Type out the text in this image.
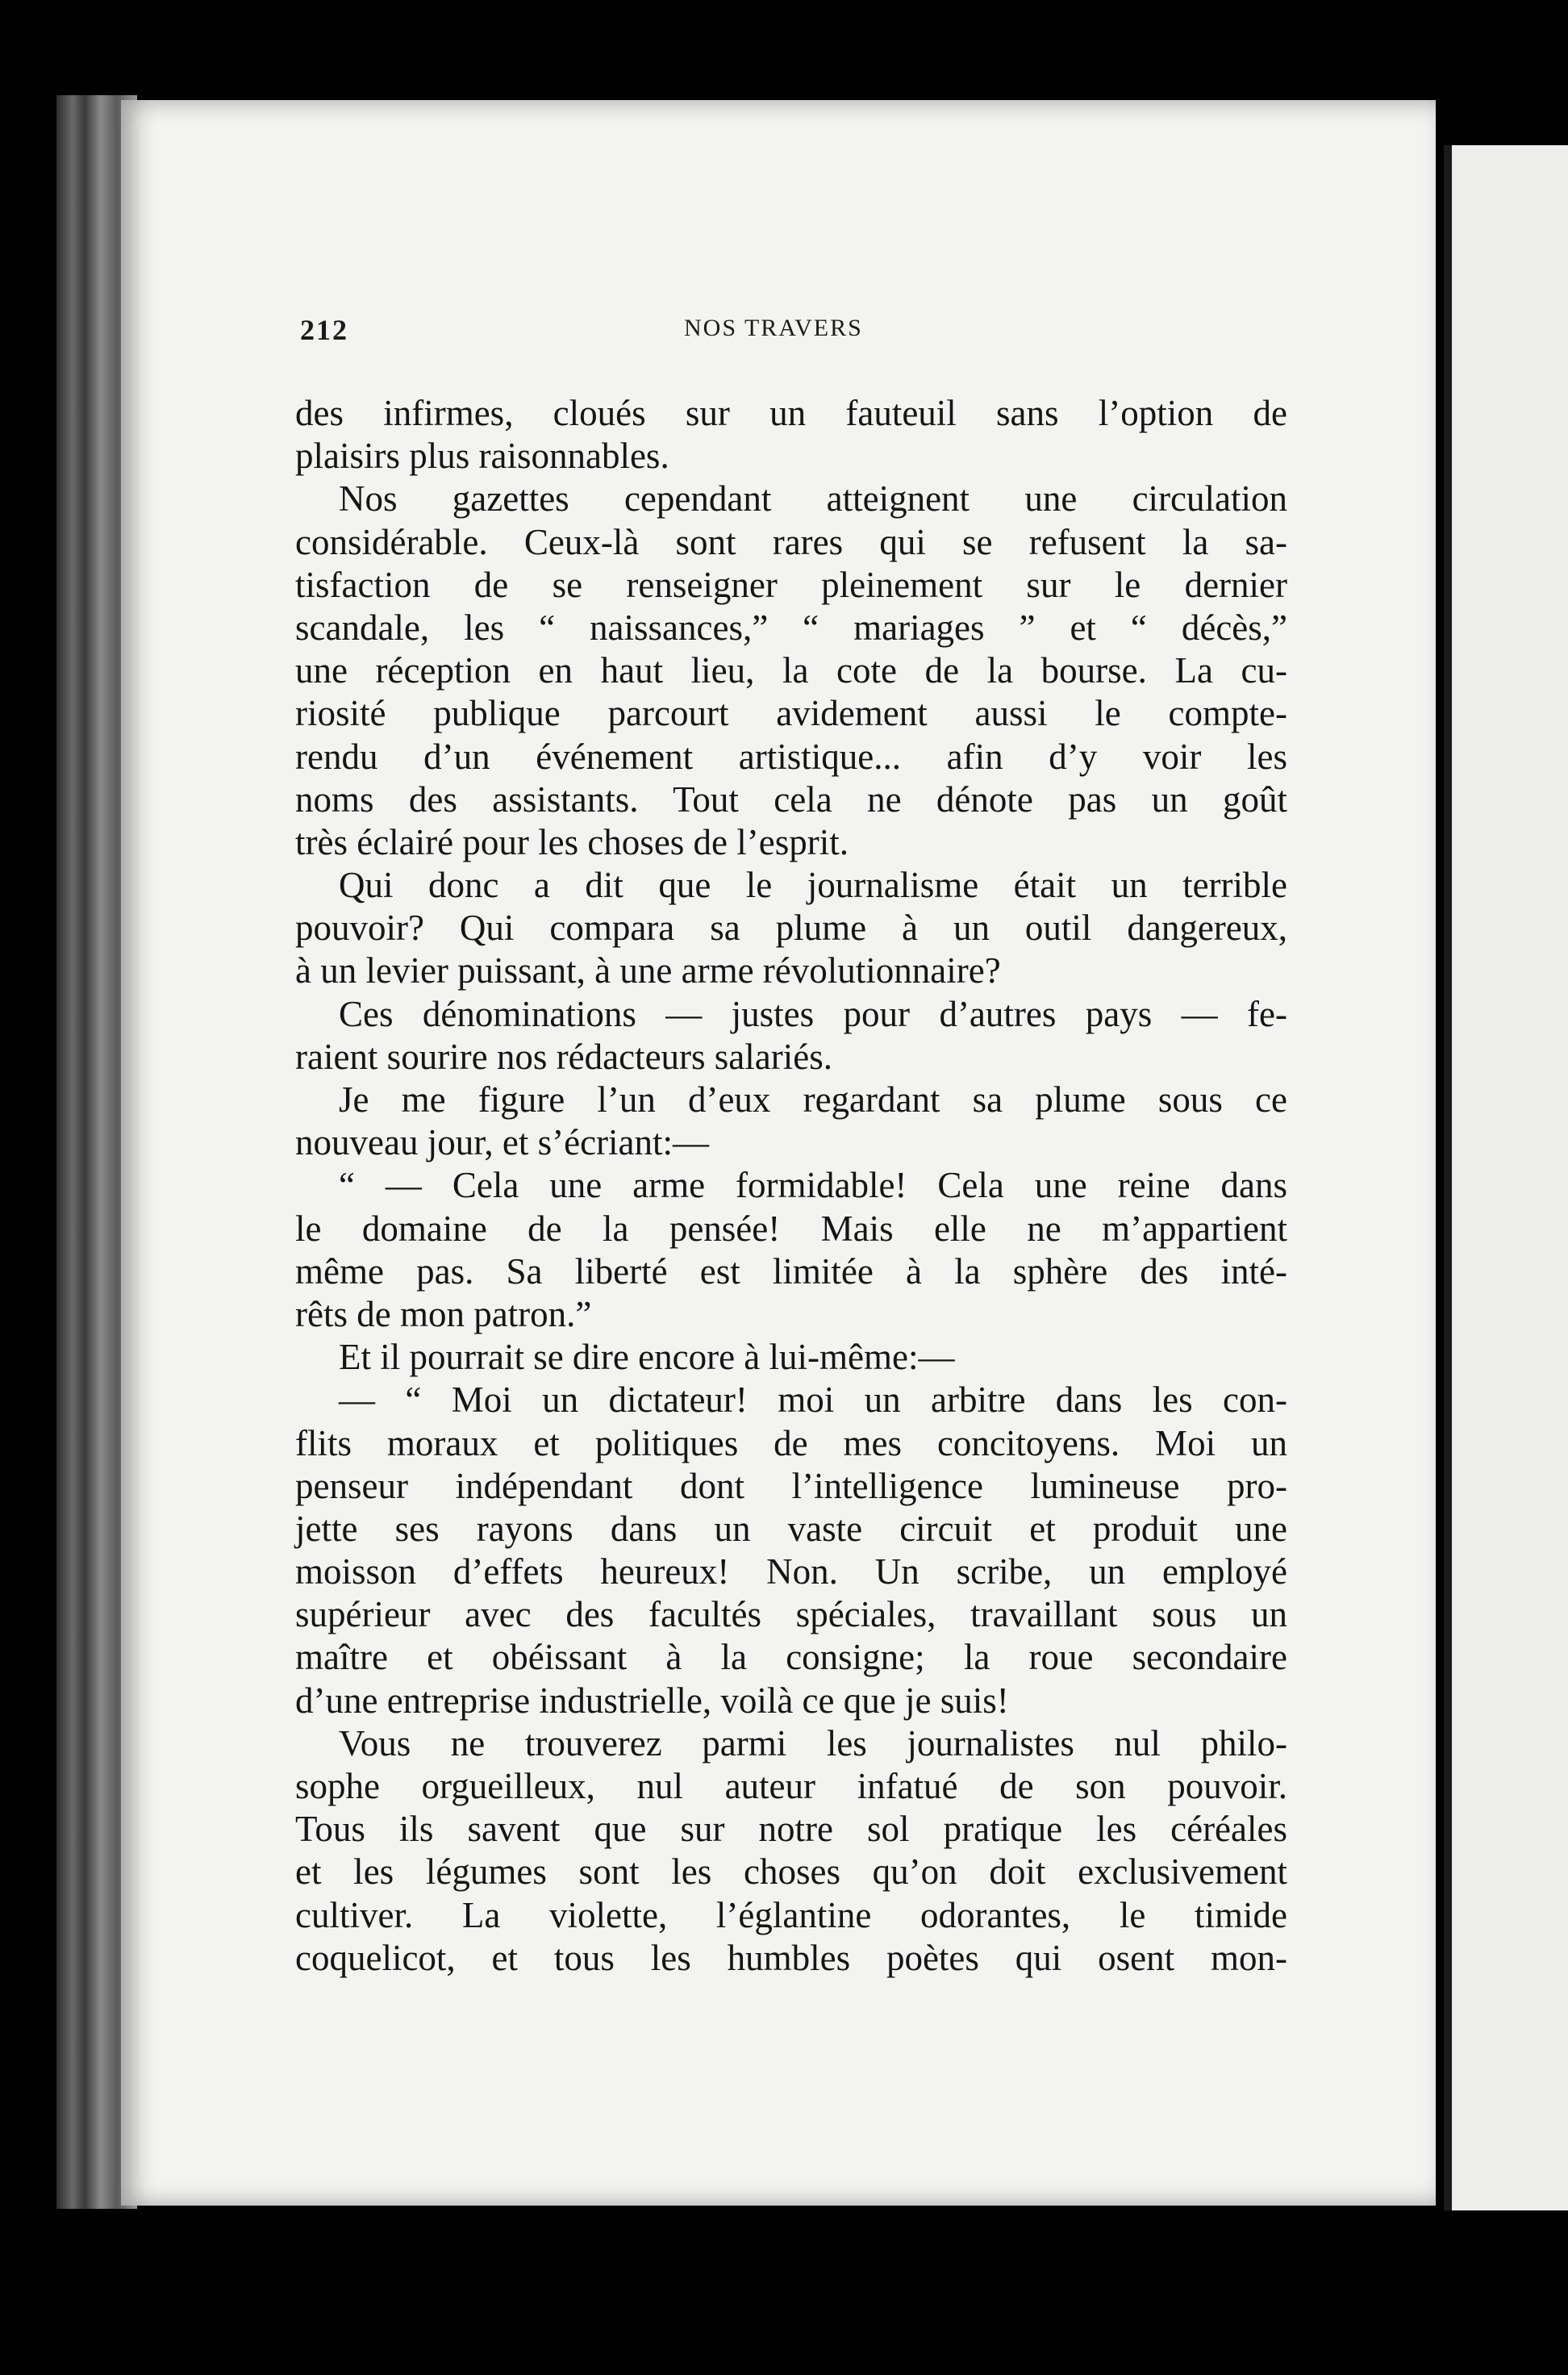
212	NOS TRAVERS
des infirmes, cloués sur un fauteuil sans l’option de
plaisirs plus raisonnables.
Nos gazettes cependant atteignent une circulation
considérable. Ceux-là sont rares qui se refusent la sa-
tisfaction de se renseigner pleinement sur le dernier
scandale, les “ naissances,” “ mariages ” et “ décès,”
une réception en haut lieu, la cote de la bourse. La cu-
riosité publique parcourt avidement aussi le compte-
rendu d’un événement artistique... afin d’y voir les
noms des assistants. Tout cela ne dénote pas un goût
très éclairé pour les choses de l’esprit.
Qui donc a dit que le journalisme était un terrible
pouvoir? Qui compara sa plume à un outil dangereux,
à un levier puissant, à une arme révolutionnaire?
Ces dénominations — justes pour d’autres pays — fe-
raient sourire nos rédacteurs salariés.
Je me figure l’un d’eux regardant sa plume sous ce
nouveau jour, et s’écriant:—
“ — Cela une arme formidable! Cela une reine dans
le domaine de la pensée! Mais elle ne m’appartient
même pas. Sa liberté est limitée à la sphère des inté-
rêts de mon patron.”
Et il pourrait se dire encore à lui-même:—
— “ Moi un dictateur! moi un arbitre dans les con-
flits moraux et politiques de mes concitoyens. Moi un
penseur indépendant dont l’intelligence lumineuse pro-
jette ses rayons dans un vaste circuit et produit une
moisson d’effets heureux! Non. Un scribe, un employé
supérieur avec des facultés spéciales, travaillant sous un
maître et obéissant à la consigne; la roue secondaire
d’une entreprise industrielle, voilà ce que je suis!
Vous ne trouverez parmi les journalistes nul philo-
sophe orgueilleux, nul auteur infatué de son pouvoir.
Tous ils savent que sur notre sol pratique les céréales
et les légumes sont les choses qu’on doit exclusivement
cultiver. La violette, l’églantine odorantes, le timide
coquelicot, et tous les humbles poètes qui osent mon-
